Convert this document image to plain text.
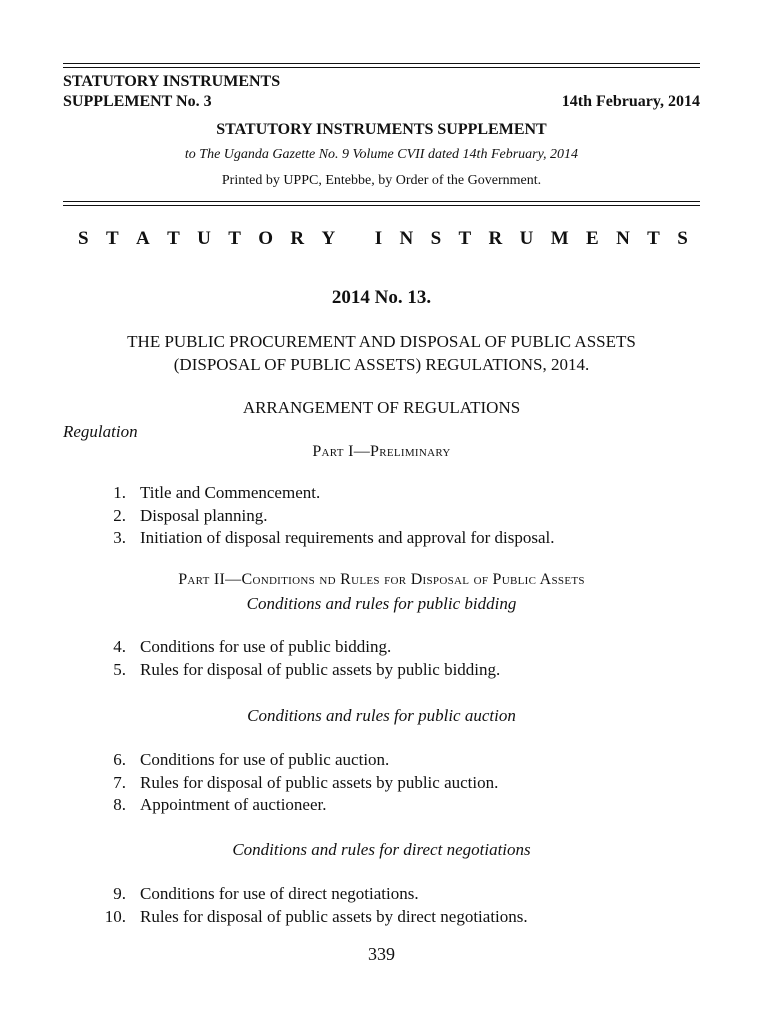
STATUTORY INSTRUMENTS
SUPPLEMENT No. 3	14th February, 2014
STATUTORY INSTRUMENTS SUPPLEMENT
to The Uganda Gazette No. 9 Volume CVII dated 14th February, 2014
Printed by UPPC, Entebbe, by Order of the Government.
S T A T U T O R Y
I N S T R U M E N T S
2014 No. 13.
THE PUBLIC PROCUREMENT AND DISPOSAL OF PUBLIC ASSETS
(DISPOSAL OF PUBLIC ASSETS) REGULATIONS, 2014.
ARRANGEMENT OF REGULATIONS
Regulation
Part I—Preliminary
1. Title and Commencement.
2. Disposal planning.
3. Initiation of disposal requirements and approval for disposal.
Part II—Conditions nd Rules for Disposal of Public Assets
Conditions and rules for public bidding
4. Conditions for use of public bidding.
5. Rules for disposal of public assets by public bidding.
Conditions and rules for public auction
6. Conditions for use of public auction.
7. Rules for disposal of public assets by public auction.
8. Appointment of auctioneer.
Conditions and rules for direct negotiations
9. Conditions for use of direct negotiations.
10. Rules for disposal of public assets by direct negotiations.
339
